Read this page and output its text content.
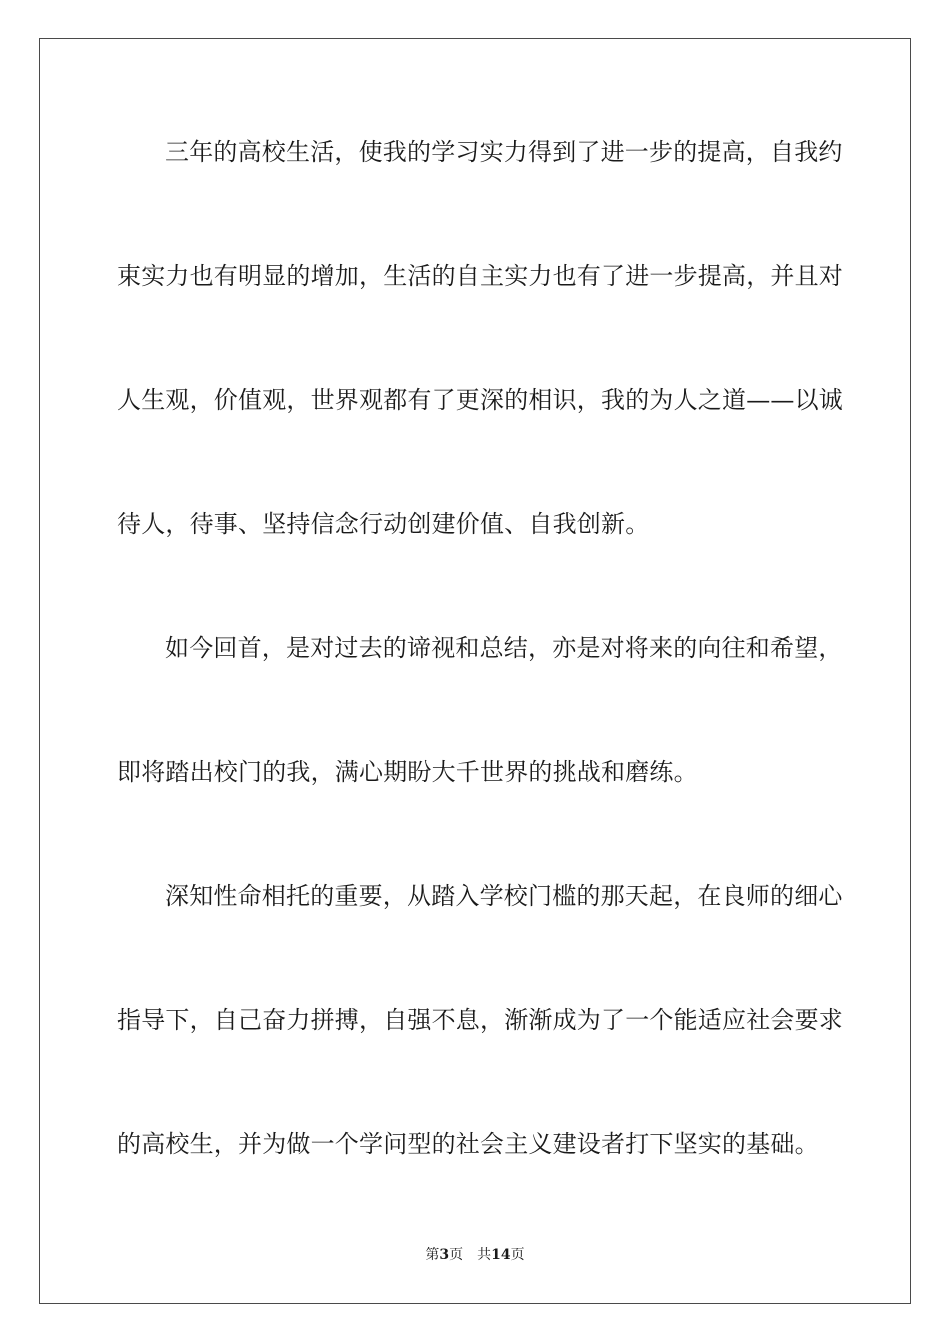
三年的高校生活，使我的学习实力得到了进一步的提高，自我约
束实力也有明显的增加，生活的自主实力也有了进一步提高，并且对
人生观，价值观，世界观都有了更深的相识，我的为人之道——以诚
待人，待事、坚持信念行动创建价值、自我创新。
如今回首，是对过去的谛视和总结，亦是对将来的向往和希望，
即将踏出校门的我，满心期盼大千世界的挑战和磨练。
深知性命相托的重要，从踏入学校门槛的那天起，在良师的细心
指导下，自己奋力拼搏，自强不息，渐渐成为了一个能适应社会要求
的高校生，并为做一个学问型的社会主义建设者打下坚实的基础。
第3页 共14页
